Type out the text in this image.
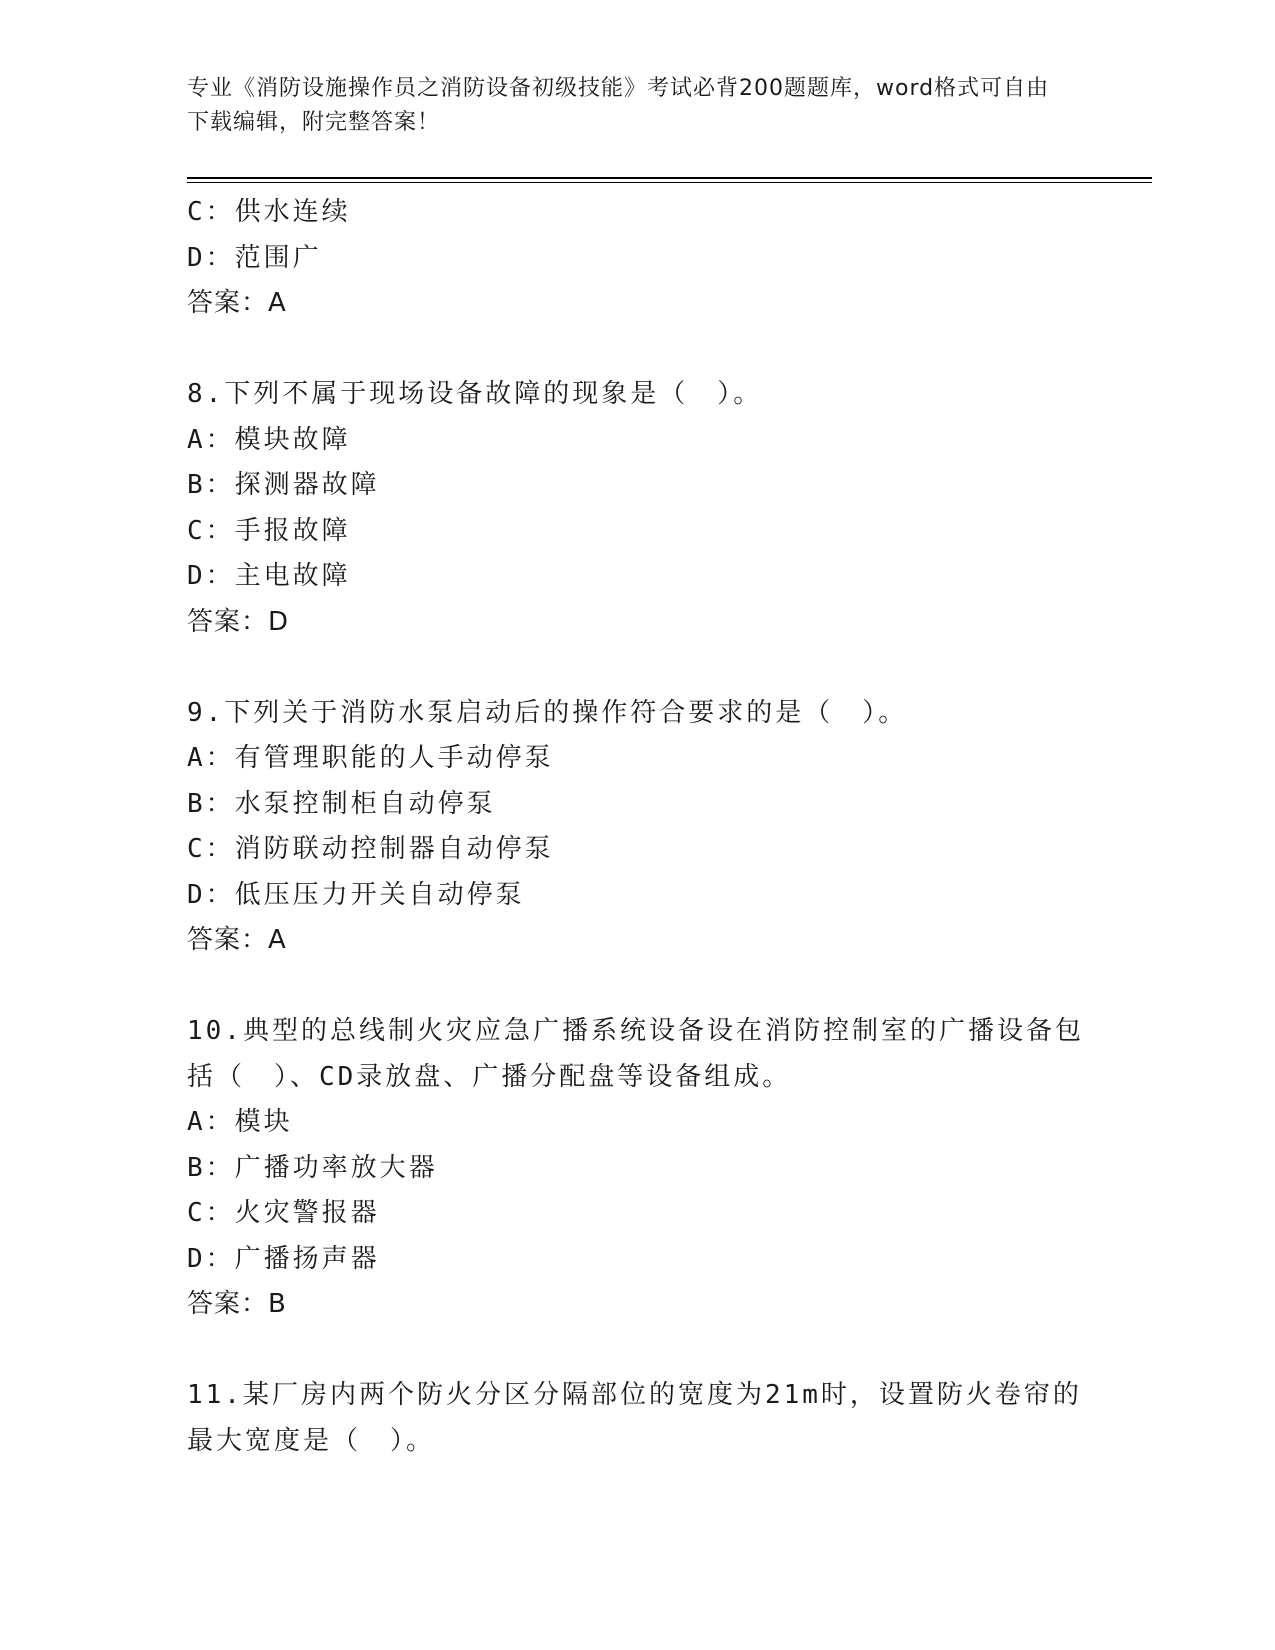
专业《消防设施操作员之消防设备初级技能》考试必背200题题库，word格式可自由下载编辑，附完整答案！
C：供水连续
D：范围广
答案：A
8.下列不属于现场设备故障的现象是（　）。
A：模块故障
B：探测器故障
C：手报故障
D：主电故障
答案：D
9.下列关于消防水泵启动后的操作符合要求的是（　）。
A：有管理职能的人手动停泵
B：水泵控制柜自动停泵
C：消防联动控制器自动停泵
D：低压压力开关自动停泵
答案：A
10.典型的总线制火灾应急广播系统设备设在消防控制室的广播设备包
括（　）、CD录放盘、广播分配盘等设备组成。
A：模块
B：广播功率放大器
C：火灾警报器
D：广播扬声器
答案：B
11.某厂房内两个防火分区分隔部位的宽度为21m时，设置防火卷帘的
最大宽度是（　）。
